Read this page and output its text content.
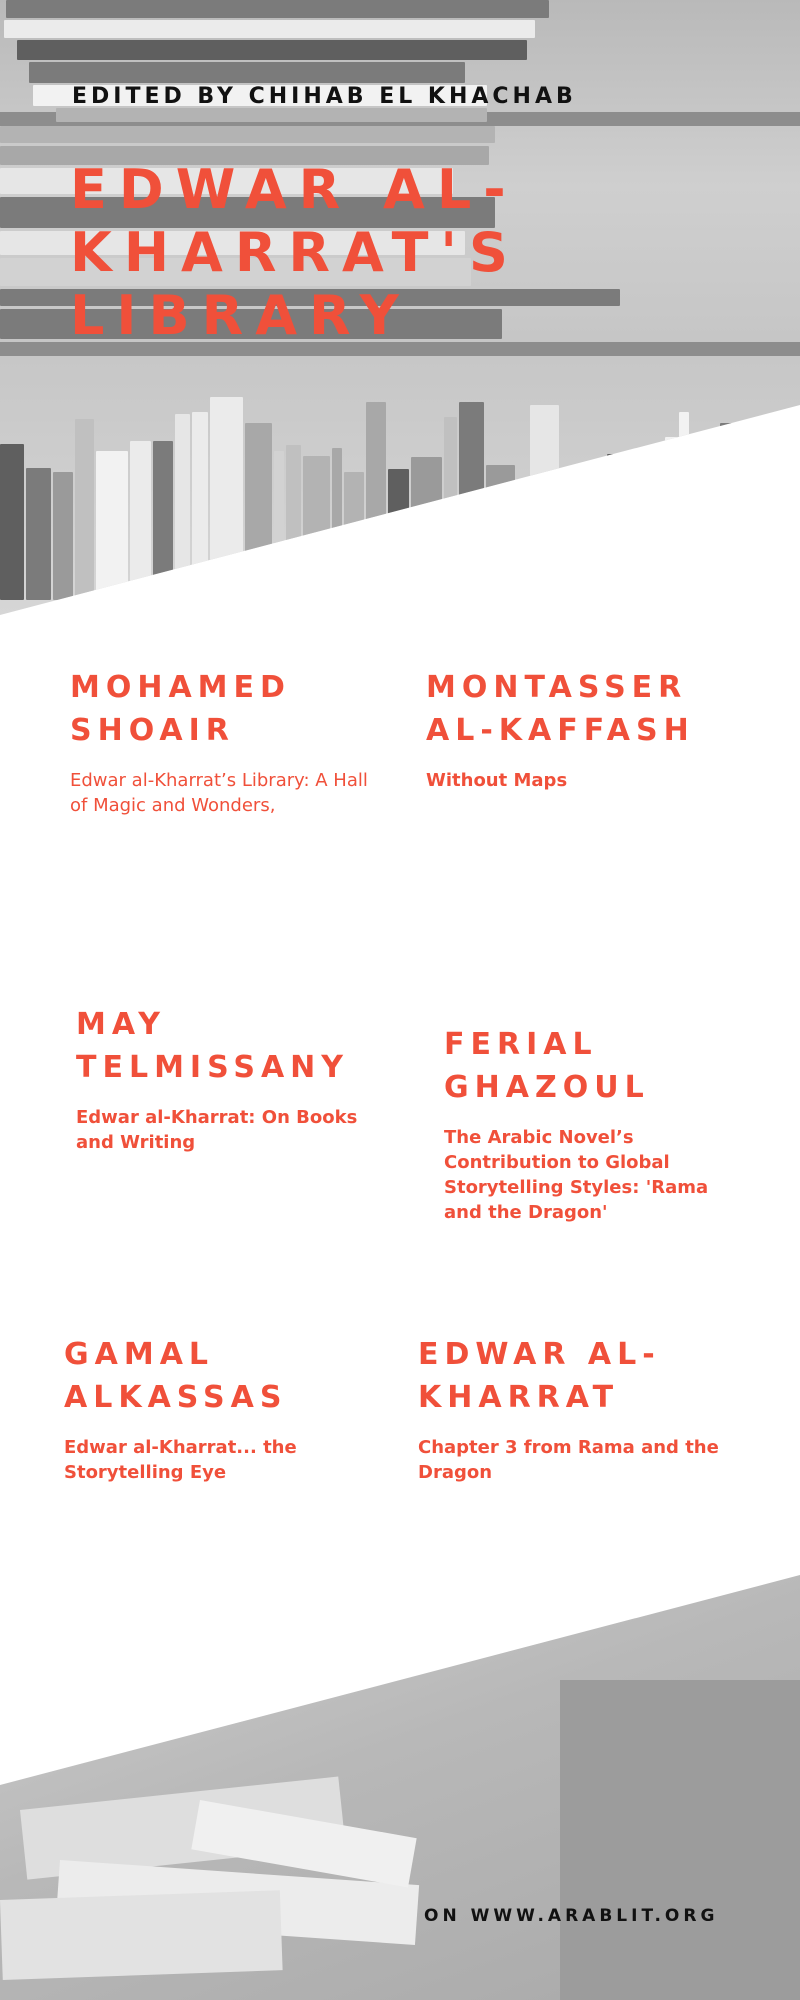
EDITED BY CHIHAB EL KHACHAB
EDWAR AL-KHARRAT'S LIBRARY
MOHAMED SHOAIR
Edwar al-Kharrat’s Library: A Hall of Magic and Wonders,
MONTASSER AL-KAFFASH
Without Maps
MAY TELMISSANY
Edwar al-Kharrat: On Books and Writing
FERIAL GHAZOUL
The Arabic Novel’s Contribution to Global Storytelling Styles: 'Rama and the Dragon'
GAMAL ALKASSAS
Edwar al-Kharrat... the Storytelling Eye
EDWAR AL-KHARRAT
Chapter 3 from Rama and the Dragon
ON WWW.ARABLIT.ORG
